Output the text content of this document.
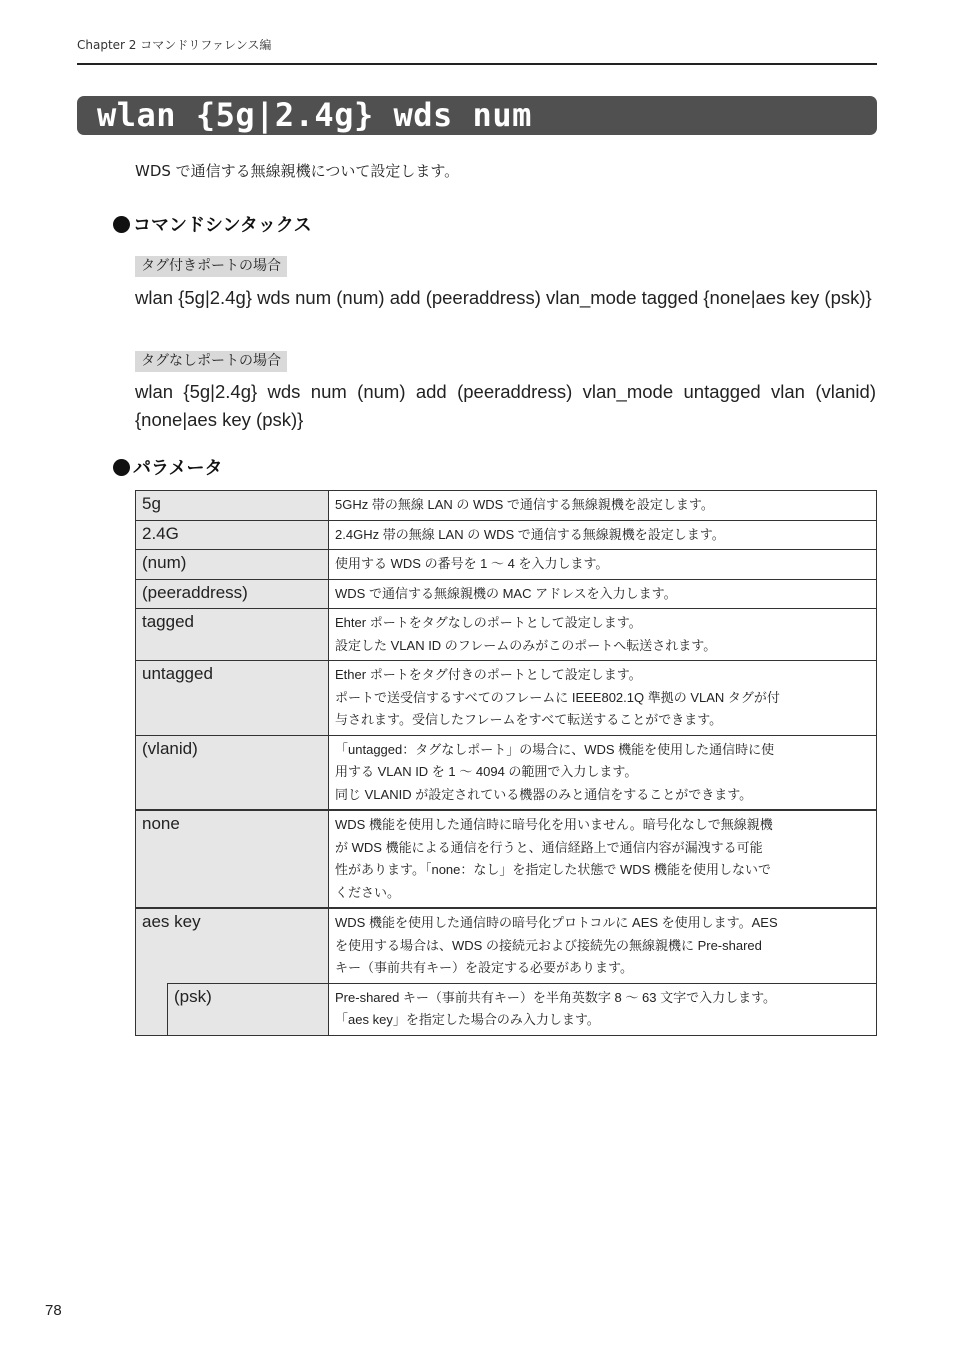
Chapter 2 コマンドリファレンス編
wlan {5g|2.4g} wds num
WDS で通信する無線親機について設定します。
コマンドシンタックス
タグ付きポートの場合
wlan {5g|2.4g} wds num (num) add (peeraddress) vlan_mode tagged {none|aes key (psk)}
タグなしポートの場合
wlan {5g|2.4g} wds num (num) add (peeraddress) vlan_mode untagged vlan (vlanid) {none|aes key (psk)}
パラメータ
5g		5GHz 帯の無線 LAN の WDS で通信する無線親機を設定します。

2.4G		2.4GHz 帯の無線 LAN の WDS で通信する無線親機を設定します。

(num)		使用する WDS の番号を 1 〜 4 を入力します。

(peeraddress)		WDS で通信する無線親機の MAC アドレスを入力します。

tagged		Ehter ポートをタグなしのポートとして設定します。
設定した VLAN ID のフレームのみがこのポートへ転送されます。

untagged		Ether ポートをタグ付きのポートとして設定します。
ポートで送受信するすべてのフレームに IEEE802.1Q 準拠の VLAN タグが付
与されます。受信したフレームをすべて転送することができます。

(vlanid)		「untagged：タグなしポート」の場合に、WDS 機能を使用した通信時に使
用する VLAN ID を 1 〜 4094 の範囲で入力します。
同じ VLANID が設定されている機器のみと通信をすることができます。

none		WDS 機能を使用した通信時に暗号化を用いません。暗号化なしで無線親機
が WDS 機能による通信を行うと、通信経路上で通信内容が漏洩する可能
性があります。「none：なし」を指定した状態で WDS 機能を使用しないで
ください。

aes key		WDS 機能を使用した通信時の暗号化プロトコルに AES を使用します。AES
を使用する場合は、WDS の接続元および接続先の無線親機に Pre-shared
キー（事前共有キー）を設定する必要があります。

	(psk)	Pre-shared キー（事前共有キー）を半角英数字 8 〜 63 文字で入力します。
「aes key」を指定した場合のみ入力します。
78
